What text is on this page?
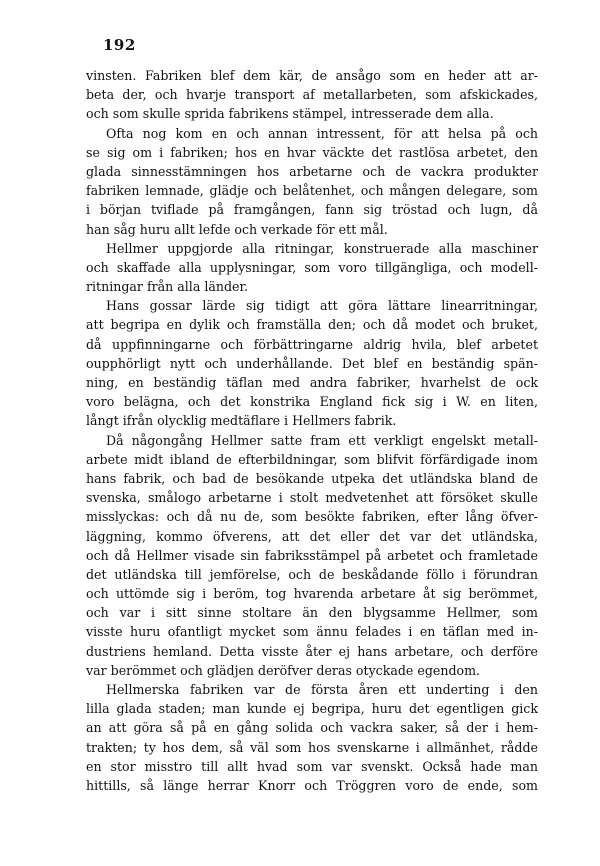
192

vinsten. Fabriken blef dem kär, de ansågo som en heder att ar-
beta der, och hvarje transport af metallarbeten, som afskickades,
och som skulle sprida fabrikens stämpel, intresserade dem alla.
Ofta nog kom en och annan intressent, för att helsa på och
se sig om i fabriken; hos en hvar väckte det rastlösa arbetet, den
glada sinnesstämningen hos arbetarne och de vackra produkter
fabriken lemnade, glädje och belåtenhet, och mången delegare, som
i början tviflade på framgången, fann sig tröstad och lugn, då
han såg huru allt lefde och verkade för ett mål.
Hellmer uppgjorde alla ritningar, konstruerade alla maschiner
och skaffade alla upplysningar, som voro tillgängliga, och modell-
ritningar från alla länder.
Hans gossar lärde sig tidigt att göra lättare linearritningar,
att begripa en dylik och framställa den; och då modet och bruket,
då uppfinningarne och förbättringarne aldrig hvila, blef arbetet
oupphörligt nytt och underhållande. Det blef en beständig spän-
ning, en beständig täflan med andra fabriker, hvarhelst de ock
voro belägna, och det konstrika England fick sig i W. en liten,
långt ifrån olycklig medtäflare i Hellmers fabrik.
Då någongång Hellmer satte fram ett verkligt engelskt metall-
arbete midt ibland de efterbildningar, som blifvit förfärdigade inom
hans fabrik, och bad de besökande utpeka det utländska bland de
svenska, smålogo arbetarne i stolt medvetenhet att försöket skulle
misslyckas: och då nu de, som besökte fabriken, efter lång öfver-
läggning, kommo öfverens, att det eller det var det utländska,
och då Hellmer visade sin fabriksstämpel på arbetet och framletade
det utländska till jemförelse, och de beskådande föllo i förundran
och uttömde sig i beröm, tog hvarenda arbetare åt sig berömmet,
och var i sitt sinne stoltare än den blygsamme Hellmer, som
visste huru ofantligt mycket som ännu felades i en täflan med in-
dustriens hemland. Detta visste åter ej hans arbetare, och derföre
var berömmet och glädjen deröfver deras otyckade egendom.
Hellmerska fabriken var de första åren ett underting i den
lilla glada staden; man kunde ej begripa, huru det egentligen gick
an att göra så på en gång solida och vackra saker, så der i hem-
trakten; ty hos dem, så väl som hos svenskarne i allmänhet, rådde
en stor misstro till allt hvad som var svenskt. Också hade man
hittills, så länge herrar Knorr och Tröggren voro de ende, som
